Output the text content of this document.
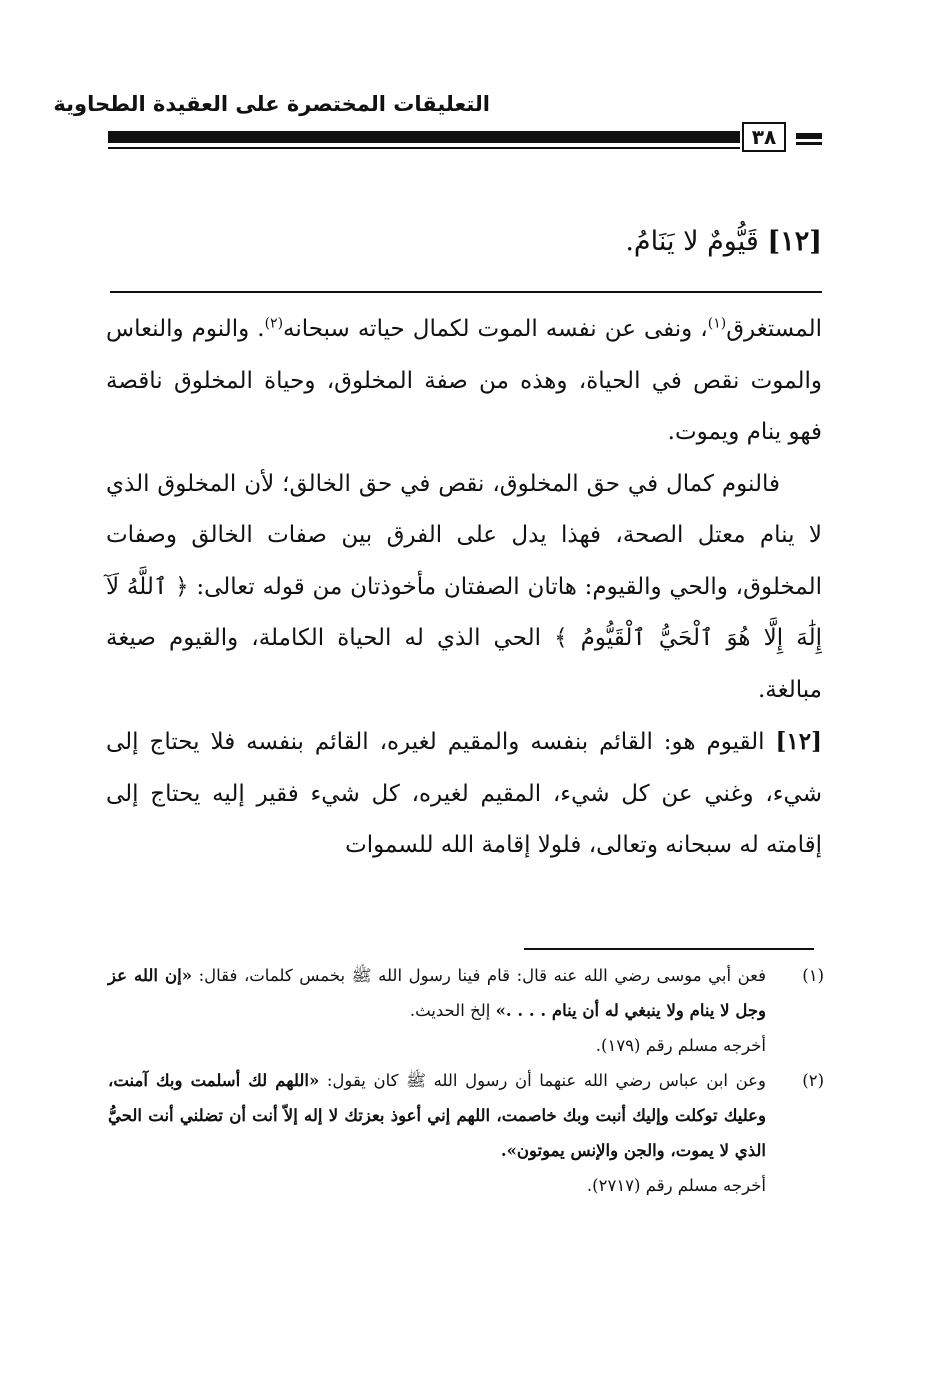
التعليقات المختصرة على العقيدة الطحاوية
٣٨
[١٢] قَيُّومٌ لا يَنَامُ.

المستغرق$^{(١)}$، ونفى عن نفسه الموت لكمال حياته سبحانه$^{(٢)}$. والنوم والنعاس والموت نقص في الحياة، وهذه من صفة المخلوق، وحياة المخلوق ناقصة فهو ينام ويموت.

فالنوم كمال في حق المخلوق، نقص في حق الخالق؛ لأن المخلوق الذي لا ينام معتل الصحة، فهذا يدل على الفرق بين صفات الخالق وصفات المخلوق، والحي والقيوم: هاتان الصفتان مأخوذتان من قوله تعالى: ﴿ ٱللَّهُ لَآ إِلَٰهَ إِلَّا هُوَ ٱلْحَيُّ ٱلْقَيُّومُ ﴾ الحي الذي له الحياة الكاملة، والقيوم صيغة مبالغة.

[١٢] القيوم هو: القائم بنفسه والمقيم لغيره، القائم بنفسه فلا يحتاج إلى شيء، وغني عن كل شيء، المقيم لغيره، كل شيء فقير إليه يحتاج إلى إقامته له سبحانه وتعالى، فلولا إقامة الله للسموات

(١)
فعن أبي موسى رضي الله عنه قال: قام فينا رسول الله ﷺ بخمس كلمات، فقال: «إن الله عز وجل لا ينام ولا ينبغي له أن ينام . . . .» إلخ الحديث.
أخرجه مسلم رقم (١٧٩).
(٢)
وعن ابن عباس رضي الله عنهما أن رسول الله ﷺ كان يقول: «اللهم لك أسلمت وبك آمنت، وعليك توكلت وإليك أنبت وبك خاصمت، اللهم إني أعوذ بعزتك لا إله إلاّ أنت أن تضلني أنت الحيُّ الذي لا يموت، والجن والإنس يموتون».
أخرجه مسلم رقم (٢٧١٧).
